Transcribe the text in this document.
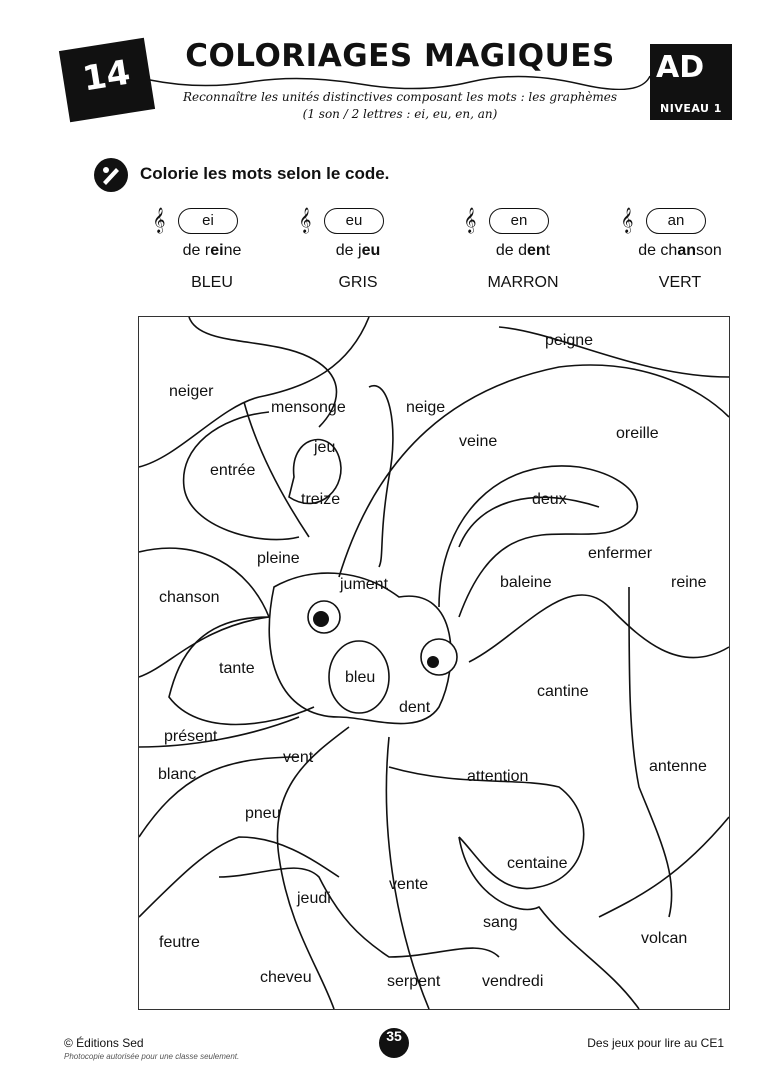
14	COLORIAGES MAGIQUES
Reconnaître les unités distinctives composant les mots : les graphèmes
(1 son / 2 lettres : ei, eu, en, an)
AD
NIVEAU 1
Colorie les mots selon le code.
𝄞	ei
de reine
BLEU
𝄞	eu
de jeu
GRIS
𝄞	en
de dent
MARRON
𝄞	an
de chanson
VERT
peigne
neiger
mensonge	neige
oreille
jeu	veine
entrée
treize	deux
pleine	enfermer
jument	baleine	reine
chanson
tante
bleu
cantine
dent
présent
vent
antenne
blanc	attention
pneu
centaine
vente
jeudi
sang
volcan
feutre
cheveu	serpent	vendredi
© Éditions Sed
Photocopie autorisée pour une classe seulement.
35	Des jeux pour lire au CE1
